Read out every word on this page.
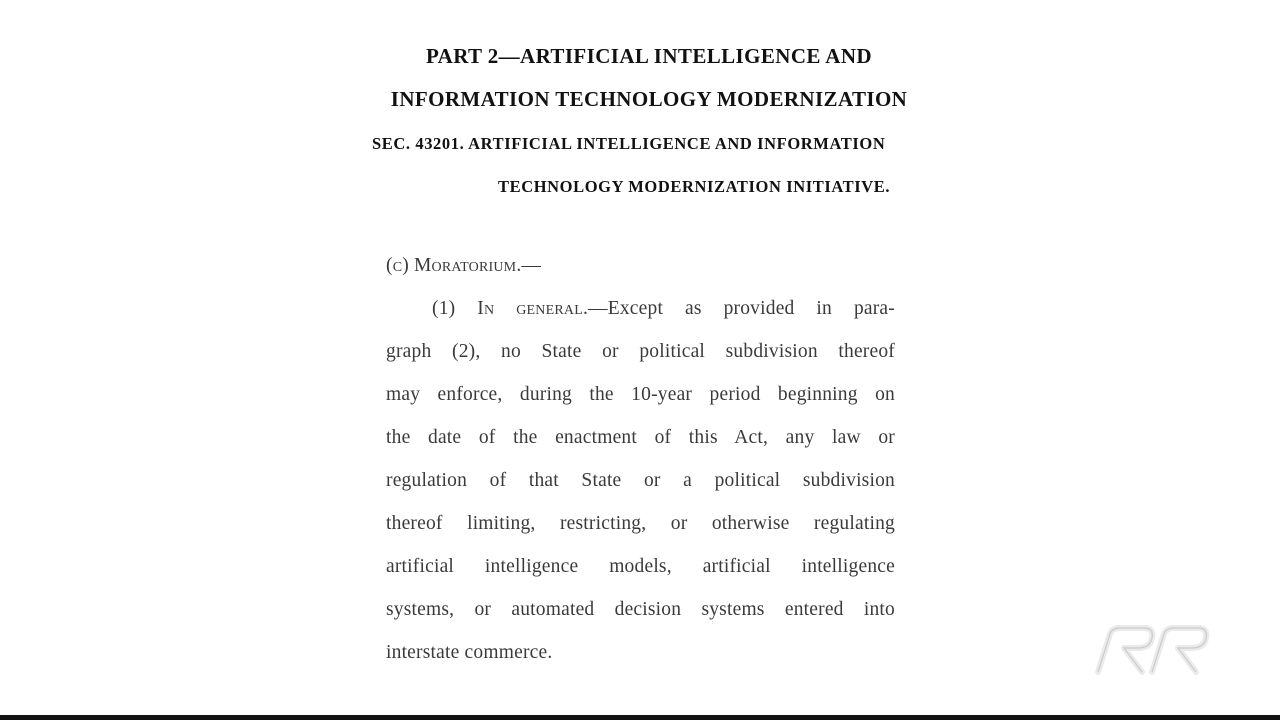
PART 2—ARTIFICIAL INTELLIGENCE AND
INFORMATION TECHNOLOGY MODERNIZATION
SEC. 43201. ARTIFICIAL INTELLIGENCE AND INFORMATION
TECHNOLOGY MODERNIZATION INITIATIVE.
(c) Moratorium.—
(1) In general.—Except as provided in para-
graph (2), no State or political subdivision thereof
may enforce, during the 10-year period beginning on
the date of the enactment of this Act, any law or
regulation of that State or a political subdivision
thereof limiting, restricting, or otherwise regulating
artificial intelligence models, artificial intelligence
systems, or automated decision systems entered into
interstate commerce.
